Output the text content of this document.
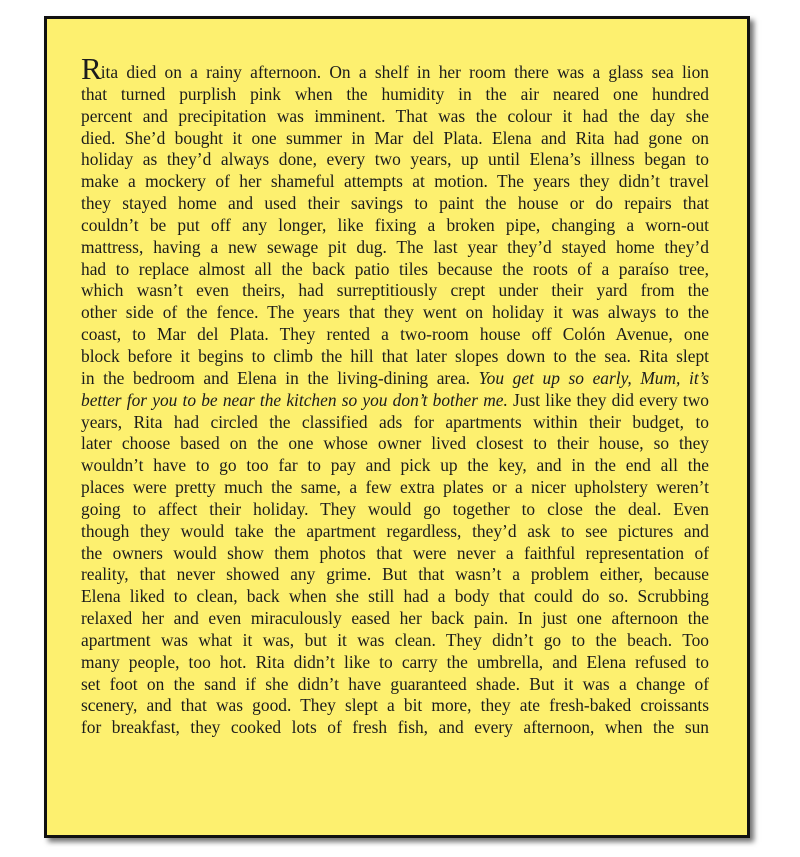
Rita died on a rainy afternoon. On a shelf in her room there was a glass sea lion
that turned purplish pink when the humidity in the air neared one hundred
percent and precipitation was imminent. That was the colour it had the day she
died. She’d bought it one summer in Mar del Plata. Elena and Rita had gone on
holiday as they’d always done, every two years, up until Elena’s illness began to
make a mockery of her shameful attempts at motion. The years they didn’t travel
they stayed home and used their savings to paint the house or do repairs that
couldn’t be put off any longer, like fixing a broken pipe, changing a worn-out
mattress, having a new sewage pit dug. The last year they’d stayed home they’d
had to replace almost all the back patio tiles because the roots of a paraíso tree,
which wasn’t even theirs, had surreptitiously crept under their yard from the
other side of the fence. The years that they went on holiday it was always to the
coast, to Mar del Plata. They rented a two-room house off Colón Avenue, one
block before it begins to climb the hill that later slopes down to the sea. Rita slept
in the bedroom and Elena in the living-dining area. You get up so early, Mum, it’s
better for you to be near the kitchen so you don’t bother me. Just like they did every two
years, Rita had circled the classified ads for apartments within their budget, to
later choose based on the one whose owner lived closest to their house, so they
wouldn’t have to go too far to pay and pick up the key, and in the end all the
places were pretty much the same, a few extra plates or a nicer upholstery weren’t
going to affect their holiday. They would go together to close the deal. Even
though they would take the apartment regardless, they’d ask to see pictures and
the owners would show them photos that were never a faithful representation of
reality, that never showed any grime. But that wasn’t a problem either, because
Elena liked to clean, back when she still had a body that could do so. Scrubbing
relaxed her and even miraculously eased her back pain. In just one afternoon the
apartment was what it was, but it was clean. They didn’t go to the beach. Too
many people, too hot. Rita didn’t like to carry the umbrella, and Elena refused to
set foot on the sand if she didn’t have guaranteed shade. But it was a change of
scenery, and that was good. They slept a bit more, they ate fresh-baked croissants
for breakfast, they cooked lots of fresh fish, and every afternoon, when the sun
